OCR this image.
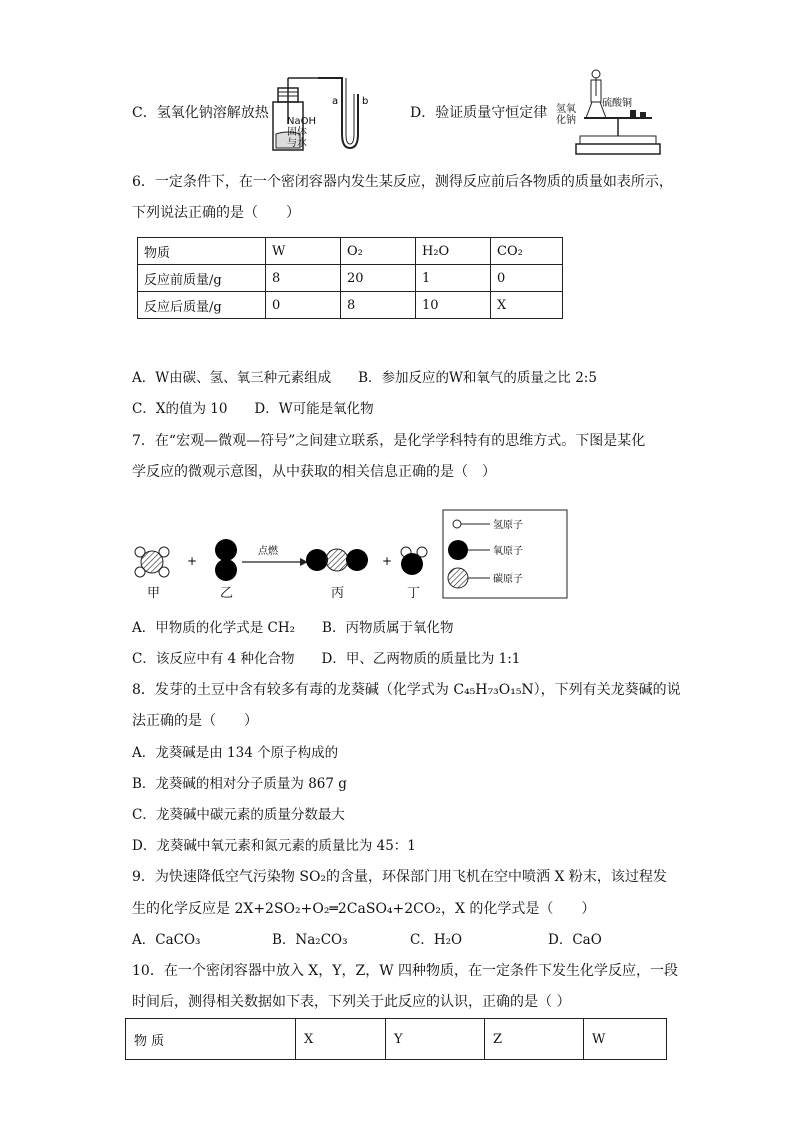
C．氢氧化钠溶解放热
a b
NaOH
固体
与水
D．验证质量守恒定律
硫酸铜
氢氧
化钠
6．一定条件下，在一个密闭容器内发生某反应，测得反应前后各物质的质量如表所示，
下列说法正确的是（　　）
物质	W	O₂	H₂O	CO₂
反应前质量/g	8	20	1	0
反应后质量/g	0	8	10	X
A．W由碳、氢、氧三种元素组成　　B．参加反应的W和氧气的质量之比 2:5
C．X的值为 10　　D．W可能是氧化物
7．在“宏观—微观—符号”之间建立联系，是化学学科特有的思维方式。下图是某化
学反应的微观示意图，从中获取的相关信息正确的是（　）
+
点燃
+
氢原子
氧原子
碳原子
甲	乙	丙	丁
A．甲物质的化学式是 CH₂　　B．丙物质属于氧化物
C．该反应中有 4 种化合物　　D．甲、乙两物质的质量比为 1:1
8．发芽的土豆中含有较多有毒的龙葵碱（化学式为 C₄₅H₇₃O₁₅N），下列有关龙葵碱的说
法正确的是（　　）
A．龙葵碱是由 134 个原子构成的
B．龙葵碱的相对分子质量为 867 g
C．龙葵碱中碳元素的质量分数最大
D．龙葵碱中氧元素和氮元素的质量比为 45：1
9．为快速降低空气污染物 SO₂的含量，环保部门用飞机在空中喷洒 X 粉末，该过程发
生的化学反应是 2X+2SO₂+O₂═2CaSO₄+2CO₂，X 的化学式是（　　）
A．CaCO₃	B．Na₂CO₃	C．H₂O	D．CaO
10．在一个密闭容器中放入 X，Y，Z，W 四种物质，在一定条件下发生化学反应，一段
时间后，测得相关数据如下表，下列关于此反应的认识，正确的是（ ）
物 质	X	Y	Z	W
